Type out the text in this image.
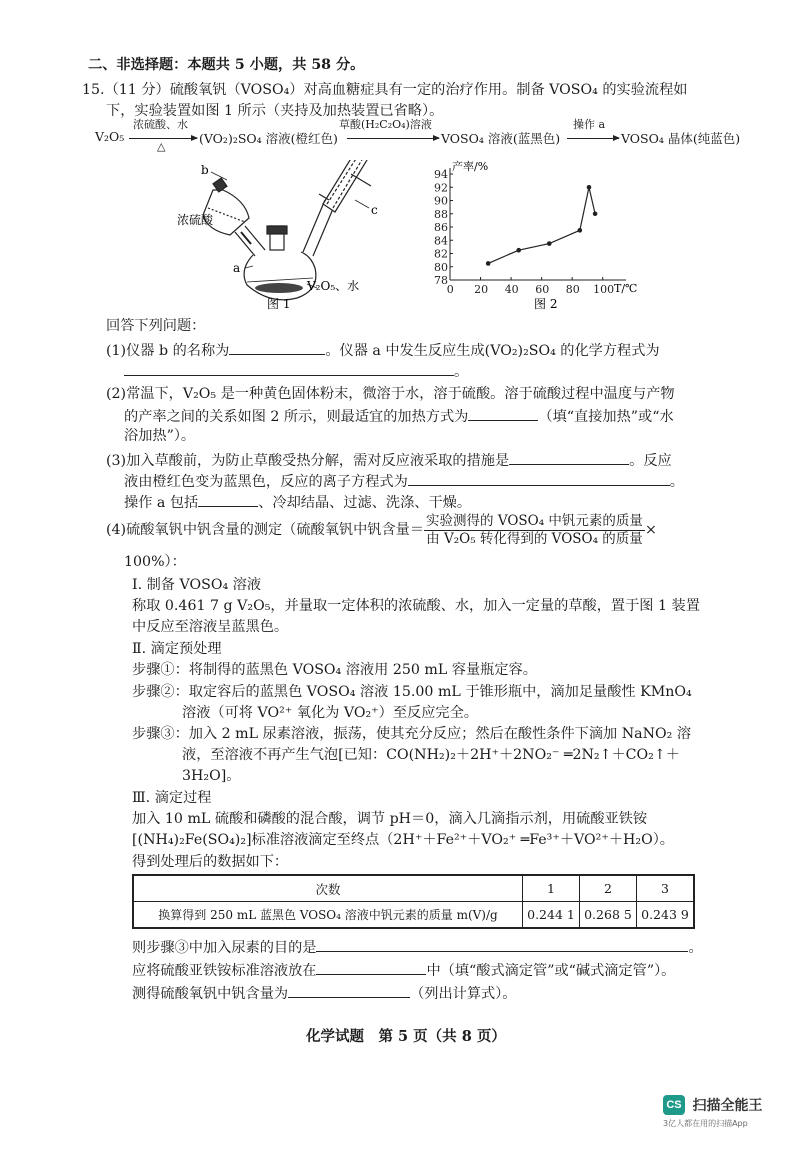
二、非选择题：本题共 5 小题，共 58 分。
15.（11 分）硫酸氧钒（VOSO₄）对高血糖症具有一定的治疗作用。制备 VOSO₄ 的实验流程如
下，实验装置如图 1 所示（夹持及加热装置已省略）。
V₂O₅
浓硫酸、水
△
(VO₂)₂SO₄ 溶液(橙红色)
草酸(H₂C₂O₄)溶液
VOSO₄ 溶液(蓝黑色)
操作 a
VOSO₄ 晶体(纯蓝色)
b
c
a
浓硫酸
V₂O₅、水
图 1
78
80
82
84
86
88
90
92
94
0 20 40 60 80 100
产率/%
T/℃
图 2
回答下列问题：
(1)仪器 b 的名称为	。仪器 a 中发生反应生成(VO₂)₂SO₄ 的化学方程式为
。
(2)常温下，V₂O₅ 是一种黄色固体粉末，微溶于水，溶于硫酸。溶于硫酸过程中温度与产物
的产率之间的关系如图 2 所示，则最适宜的加热方式为	（填“直接加热”或“水
浴加热”）。
(3)加入草酸前，为防止草酸受热分解，需对反应液采取的措施是	。反应
液由橙红色变为蓝黑色，反应的离子方程式为	。
操作 a 包括	、冷却结晶、过滤、洗涤、干燥。
(4)硫酸氧钒中钒含量的测定（硫酸氧钒中钒含量＝ $\frac{\text{实验测得的 VOSO₄ 中钒元素的质量}}{\text{由 V₂O₅ 转化得到的 VOSO₄ 的质量}}$ ×
100%）：
Ⅰ. 制备 VOSO₄ 溶液
称取 0.461 7 g V₂O₅，并量取一定体积的浓硫酸、水，加入一定量的草酸，置于图 1 装置
中反应至溶液呈蓝黑色。
Ⅱ. 滴定预处理
步骤①：将制得的蓝黑色 VOSO₄ 溶液用 250 mL 容量瓶定容。
步骤②：取定容后的蓝黑色 VOSO₄ 溶液 15.00 mL 于锥形瓶中，滴加足量酸性 KMnO₄
溶液（可将 VO²⁺ 氧化为 VO₂⁺）至反应完全。
步骤③：加入 2 mL 尿素溶液，振荡，使其充分反应；然后在酸性条件下滴加 NaNO₂ 溶
液，至溶液不再产生气泡[已知：CO(NH₂)₂＋2H⁺＋2NO₂⁻ ═2N₂↑＋CO₂↑＋
3H₂O]。
Ⅲ. 滴定过程
加入 10 mL 硫酸和磷酸的混合酸，调节 pH＝0，滴入几滴指示剂，用硫酸亚铁铵
[(NH₄)₂Fe(SO₄)₂]标准溶液滴定至终点（2H⁺＋Fe²⁺＋VO₂⁺ ═Fe³⁺＋VO²⁺＋H₂O）。
得到处理后的数据如下：
次数	1	2	3
换算得到 250 mL 蓝黑色 VOSO₄ 溶液中钒元素的质量 m(V)/g	0.244 1	0.268 5	0.243 9
则步骤③中加入尿素的目的是	。
应将硫酸亚铁铵标准溶液放在	中（填“酸式滴定管”或“碱式滴定管”）。
测得硫酸氧钒中钒含量为	（列出计算式）。
化学试题　第 5 页（共 8 页）
CS 扫描全能王
3亿人都在用的扫描App
